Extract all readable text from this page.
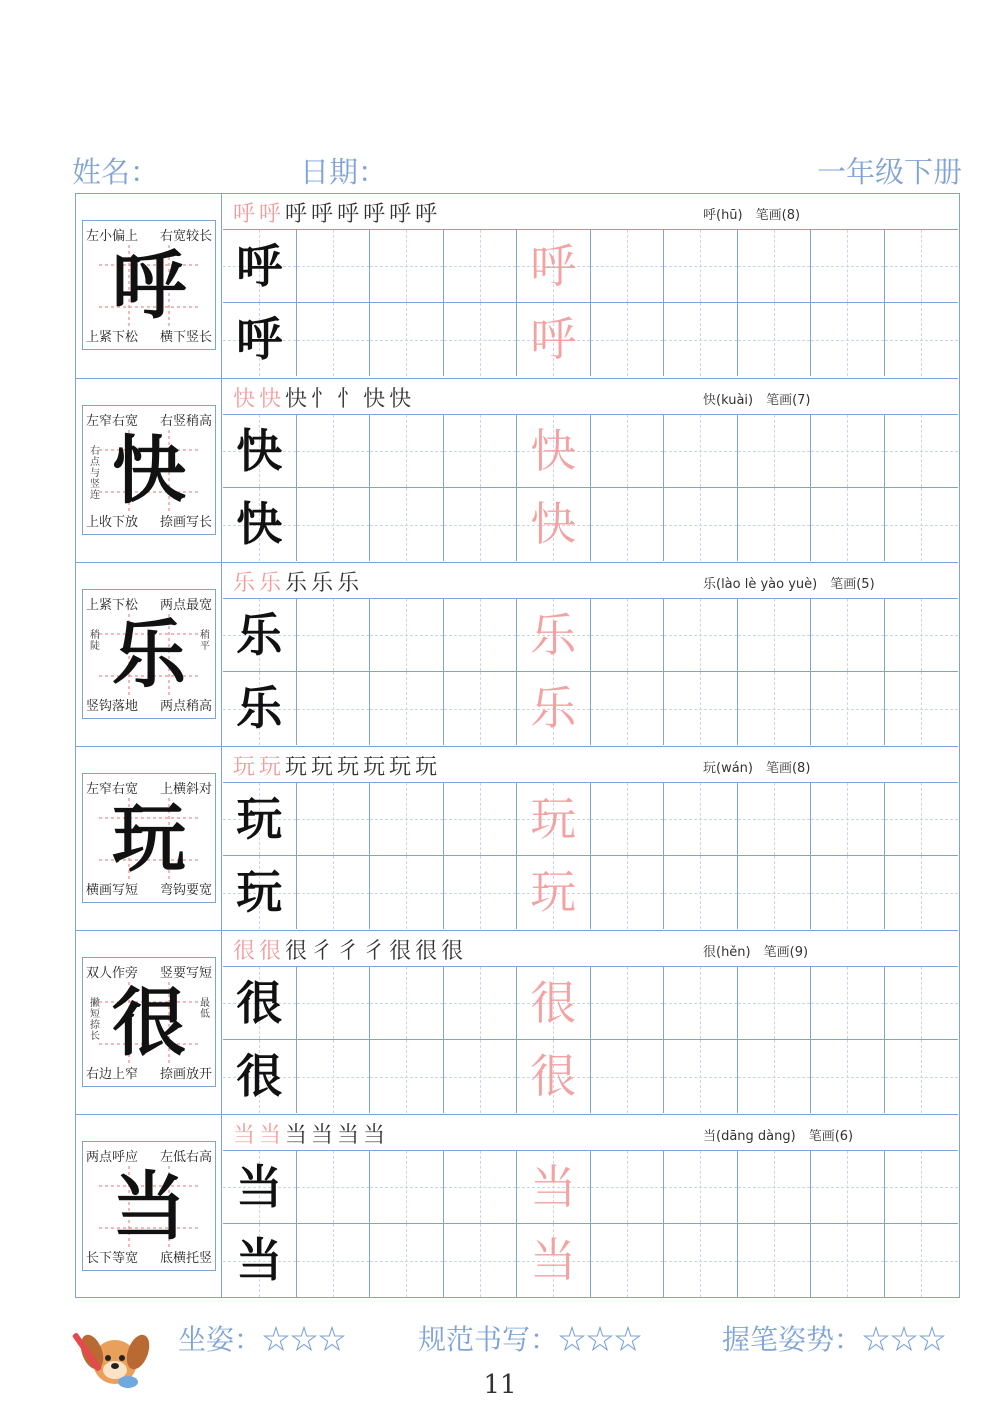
姓名：	日期：	一年级下册
左小偏上 右宽较长
上紧下松 横下竖长
呼
呼呼呼呼呼呼呼呼	呼(hū)　笔画(8)
呼	呼
呼	呼
左窄右宽 右竖稍高
上收下放 捺画写长
快
右点与竖连
快快快忄忄快快	快(kuài)　笔画(7)
快	快
快	快
上紧下松 两点最宽
竖钩落地 两点稍高
乐
稍陡
稍平
乐乐乐乐乐	乐(lào lè yào yuè)　笔画(5)
乐	乐
乐	乐
左窄右宽 上横斜对
横画写短 弯钩要宽
玩
玩玩玩玩玩玩玩玩	玩(wán)　笔画(8)
玩	玩
玩	玩
双人作旁 竖要写短
右边上窄 捺画放开
很
撇短捺长
最低
很很很彳彳彳很很很	很(hěn)　笔画(9)
很	很
很	很
两点呼应 左低右高
长下等宽 底横托竖
当
当当当当当当	当(dāng dàng)　笔画(6)
当	当
当	当
坐姿：☆☆☆	规范书写：☆☆☆	握笔姿势：☆☆☆
11
